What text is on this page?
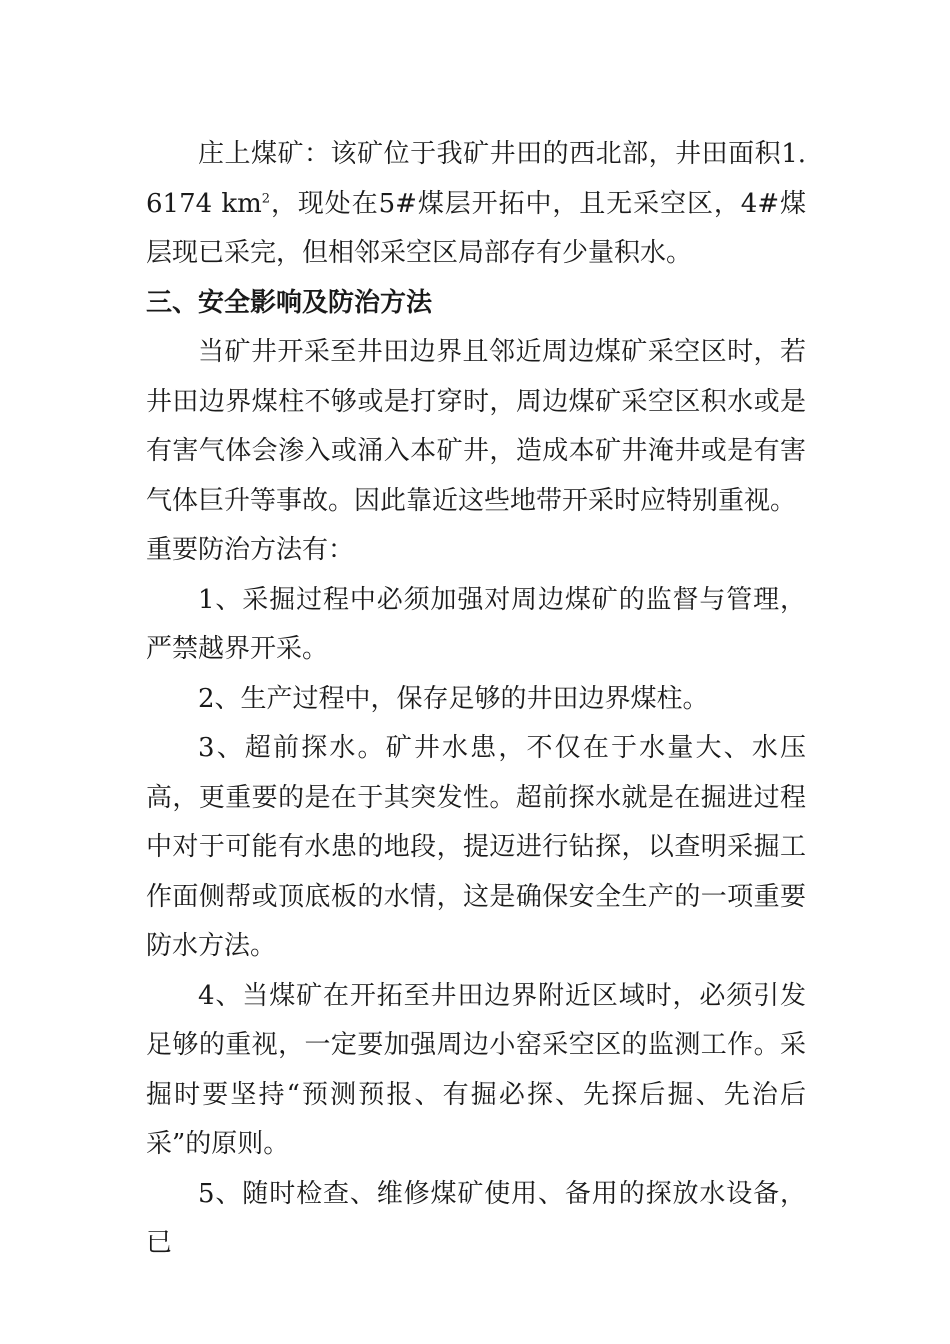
庄上煤矿：该矿位于我矿井田的西北部，井田面积1.6174 $km^2$，现处在5#煤层开拓中，且无采空区，4#煤层现已采完，但相邻采空区局部存有少量积水。

三、安全影响及防治方法

当矿井开采至井田边界且邻近周边煤矿采空区时，若井田边界煤柱不够或是打穿时，周边煤矿采空区积水或是有害气体会渗入或涌入本矿井，造成本矿井淹井或是有害气体巨升等事故。因此靠近这些地带开采时应特别重视。

重要防治方法有：

1、采掘过程中必须加强对周边煤矿的监督与管理，严禁越界开采。

2、生产过程中，保存足够的井田边界煤柱。

3、超前探水。矿井水患，不仅在于水量大、水压高，更重要的是在于其突发性。超前探水就是在掘进过程中对于可能有水患的地段，提迈进行钻探，以查明采掘工作面侧帮或顶底板的水情，这是确保安全生产的一项重要防水方法。

4、当煤矿在开拓至井田边界附近区域时，必须引发足够的重视，一定要加强周边小窑采空区的监测工作。采掘时要坚持“预测预报、有掘必探、先探后掘、先治后采”的原则。

5、随时检查、维修煤矿使用、备用的探放水设备，已
